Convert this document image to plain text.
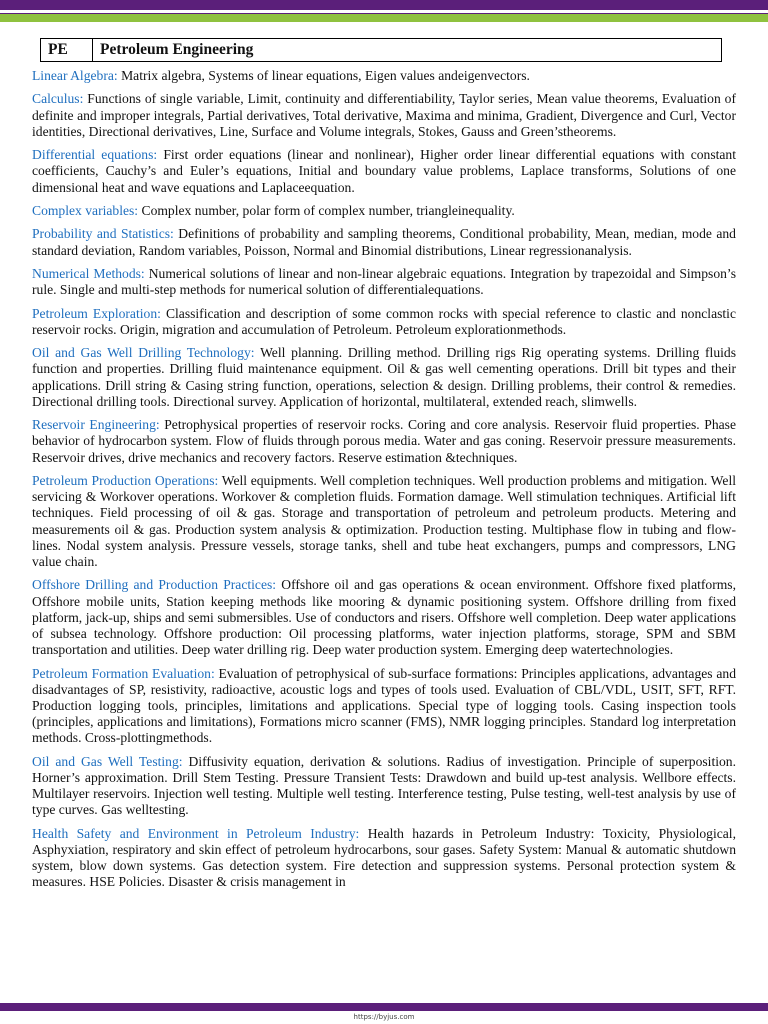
PE	Petroleum Engineering

Linear Algebra: Matrix algebra, Systems of linear equations, Eigen values andeigenvectors.

Calculus: Functions of single variable, Limit, continuity and differentiability, Taylor series, Mean value theorems, Evaluation of definite and improper integrals, Partial derivatives, Total derivative, Maxima and minima, Gradient, Divergence and Curl, Vector identities, Directional derivatives, Line, Surface and Volume integrals, Stokes, Gauss and Green’stheorems.

Differential equations: First order equations (linear and nonlinear), Higher order linear differential equations with constant coefficients, Cauchy’s and Euler’s equations, Initial and boundary value problems, Laplace transforms, Solutions of one dimensional heat and wave equations and Laplaceequation.

Complex variables: Complex number, polar form of complex number, triangleinequality.

Probability and Statistics: Definitions of probability and sampling theorems, Conditional probability, Mean, median, mode and standard deviation, Random variables, Poisson, Normal and Binomial distributions, Linear regressionanalysis.

Numerical Methods: Numerical solutions of linear and non-linear algebraic equations. Integration by trapezoidal and Simpson’s rule. Single and multi-step methods for numerical solution of differentialequations.

Petroleum Exploration: Classification and description of some common rocks with special reference to clastic and nonclastic reservoir rocks. Origin, migration and accumulation of Petroleum. Petroleum explorationmethods.

Oil and Gas Well Drilling Technology: Well planning. Drilling method. Drilling rigs Rig operating systems. Drilling fluids function and properties. Drilling fluid maintenance equipment. Oil & gas well cementing operations. Drill bit types and their applications. Drill string & Casing string function, operations, selection & design. Drilling problems, their control & remedies. Directional drilling tools. Directional survey. Application of horizontal, multilateral, extended reach, slimwells.

Reservoir Engineering: Petrophysical properties of reservoir rocks. Coring and core analysis. Reservoir fluid properties. Phase behavior of hydrocarbon system. Flow of fluids through porous media. Water and gas coning. Reservoir pressure measurements. Reservoir drives, drive mechanics and recovery factors. Reserve estimation &techniques.

Petroleum Production Operations: Well equipments. Well completion techniques. Well production problems and mitigation. Well servicing & Workover operations. Workover & completion fluids. Formation damage. Well stimulation techniques. Artificial lift techniques. Field processing of oil & gas. Storage and transportation of petroleum and petroleum products. Metering and measurements oil & gas. Production system analysis & optimization. Production testing. Multiphase flow in tubing and flow-lines. Nodal system analysis. Pressure vessels, storage tanks, shell and tube heat exchangers, pumps and compressors, LNG value chain.

Offshore Drilling and Production Practices: Offshore oil and gas operations & ocean environment. Offshore fixed platforms, Offshore mobile units, Station keeping methods like mooring & dynamic positioning system. Offshore drilling from fixed platform, jack-up, ships and semi submersibles. Use of conductors and risers. Offshore well completion. Deep water applications of subsea technology. Offshore production: Oil processing platforms, water injection platforms, storage, SPM and SBM transportation and utilities. Deep water drilling rig. Deep water production system. Emerging deep watertechnologies.

Petroleum Formation Evaluation: Evaluation of petrophysical of sub-surface formations: Principles applications, advantages and disadvantages of SP, resistivity, radioactive, acoustic logs and types of tools used. Evaluation of CBL/VDL, USIT, SFT, RFT. Production logging tools, principles, limitations and applications. Special type of logging tools. Casing inspection tools (principles, applications and limitations), Formations micro scanner (FMS), NMR logging principles. Standard log interpretation methods. Cross-plottingmethods.

Oil and Gas Well Testing: Diffusivity equation, derivation & solutions. Radius of investigation. Principle of superposition. Horner’s approximation. Drill Stem Testing. Pressure Transient Tests: Drawdown and build up-test analysis. Wellbore effects. Multilayer reservoirs. Injection well testing. Multiple well testing. Interference testing, Pulse testing, well-test analysis by use of type curves. Gas welltesting.

Health Safety and Environment in Petroleum Industry: Health hazards in Petroleum Industry: Toxicity, Physiological, Asphyxiation, respiratory and skin effect of petroleum hydrocarbons, sour gases. Safety System: Manual & automatic shutdown system, blow down systems. Gas detection system. Fire detection and suppression systems. Personal protection system & measures. HSE Policies. Disaster & crisis management in

https://byjus.com
